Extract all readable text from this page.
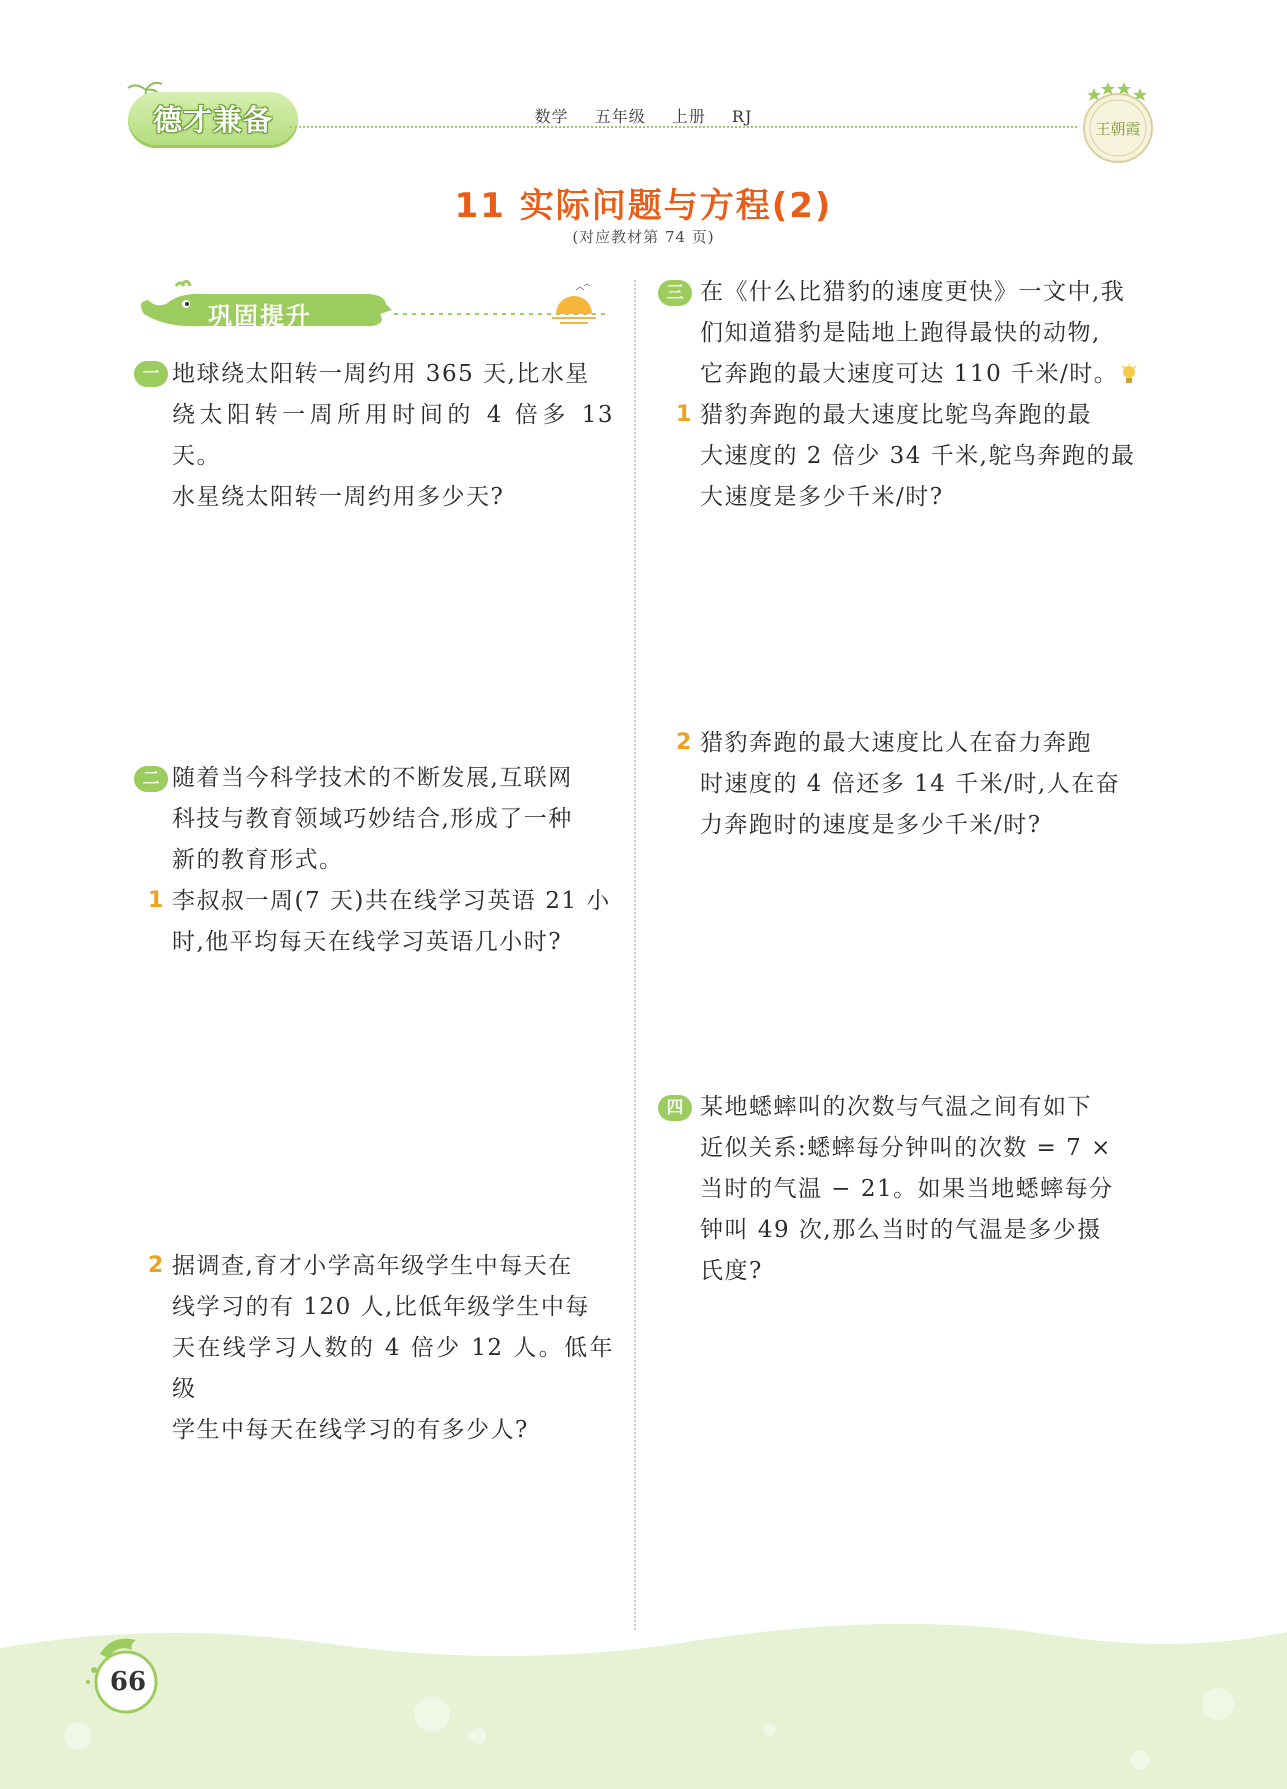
德才兼备	数学 五年级 上册 RJ
王朝霞
11 实际问题与方程(2)
(对应教材第 74 页)
巩固提升
一 地球绕太阳转一周约用 365 天,比水星
绕太阳转一周所用时间的 4 倍多 13 天。
水星绕太阳转一周约用多少天?
二 随着当今科学技术的不断发展,互联网
科技与教育领域巧妙结合,形成了一种
新的教育形式。
1 李叔叔一周(7 天)共在线学习英语 21 小
时,他平均每天在线学习英语几小时?
2 据调查,育才小学高年级学生中每天在
线学习的有 120 人,比低年级学生中每
天在线学习人数的 4 倍少 12 人。低年级
学生中每天在线学习的有多少人?
三 在《什么比猎豹的速度更快》一文中,我
们知道猎豹是陆地上跑得最快的动物,
它奔跑的最大速度可达 110 千米/时。
1 猎豹奔跑的最大速度比鸵鸟奔跑的最
大速度的 2 倍少 34 千米,鸵鸟奔跑的最
大速度是多少千米/时?
2 猎豹奔跑的最大速度比人在奋力奔跑
时速度的 4 倍还多 14 千米/时,人在奋
力奔跑时的速度是多少千米/时?
四 某地蟋蟀叫的次数与气温之间有如下
近似关系:蟋蟀每分钟叫的次数 = 7 ×
当时的气温 − 21。如果当地蟋蟀每分
钟叫 49 次,那么当时的气温是多少摄
氏度?
66
